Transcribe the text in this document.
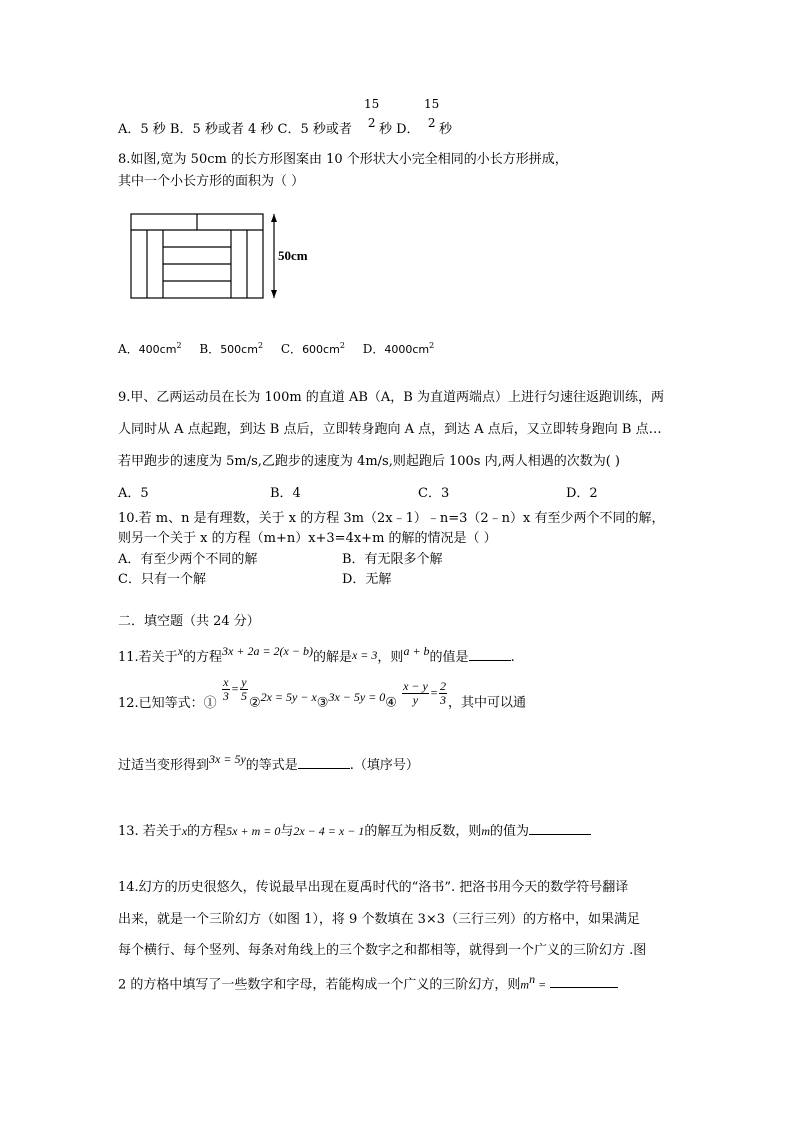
A．5 秒 B．5 秒或者 4 秒 C．5 秒或者
15
2 秒 D．
15
2 秒
8.如图,宽为 50cm 的长方形图案由 10 个形状大小完全相同的小长方形拼成，
其中一个小长方形的面积为（ ）
50cm
A．$400cm^2$ B．$500cm^2$ C．$600cm^2$ D．$4000cm^2$
9.甲、乙两运动员在长为 100m 的直道 AB（A，B 为直道两端点）上进行匀速往返跑训练，两
人同时从 A 点起跑，到达 B 点后，立即转身跑向 A 点，到达 A 点后，又立即转身跑向 B 点…
若甲跑步的速度为 5m/s,乙跑步的速度为 4m/s,则起跑后 100s 内,两人相遇的次数为( )
A．5	B．4	C．3	D．2
10.若 m、n 是有理数，关于 x 的方程 3m（2x﹣1）﹣n=3（2﹣n）x 有至少两个不同的解，
则另一个关于 x 的方程（m+n）x+3=4x+m 的解的情况是（ ）
A．有至少两个不同的解	B．有无限多个解
C．只有一个解	D．无解
二．填空题（共 24 分）
11.若关于x的方程3x + 2a = 2(x − b)的解是x = 3，则a + b的值是	.
12.已知等式：①
$\frac{x}{3} = \frac{y}{5}$
②2x = 5y − x③3x − 5y = 0④ $\frac{x - y}{y} = \frac{2}{3}$ ，其中可以通
过适当变形得到3x = 5y的等式是	.（填序号）
13. 若关于x的方程5x + m = 0与2x − 4 = x − 1的解互为相反数，则m的值为
14.幻方的历史很悠久，传说最早出现在夏禹时代的“洛书”. 把洛书用今天的数学符号翻译
出来，就是一个三阶幻方（如图 1），将 9 个数填在 3×3（三行三列）的方格中，如果满足
每个横行、每个竖列、每条对角线上的三个数字之和都相等，就得到一个广义的三阶幻方 .图
2 的方格中填写了一些数字和字母，若能构成一个广义的三阶幻方，则$m^n$ =
